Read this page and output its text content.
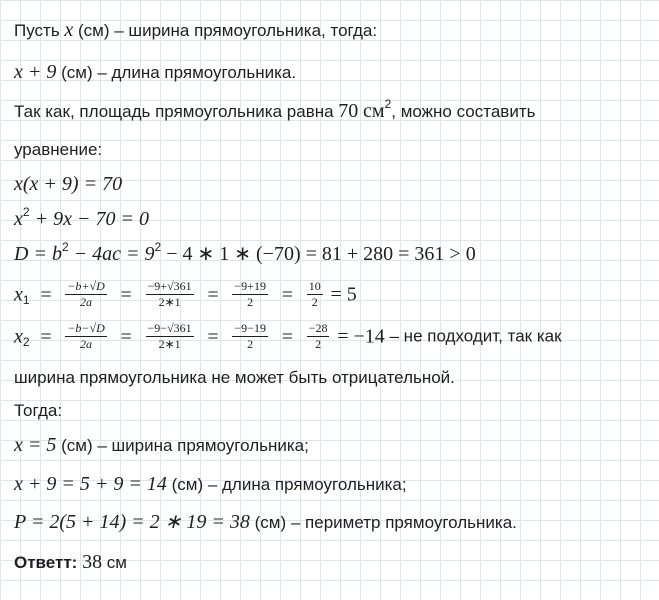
Пусть x (см) – ширина прямоугольника, тогда:
x + 9 (см) – длина прямоугольника.
Так как, площадь прямоугольника равна 70 $см^2$, можно составить
уравнение:
x(x + 9) = 70
$x^2 + 9x - 70 = 0$
$D = b^2 - 4ac = 9^2 - 4$ ∗ 1 ∗ (−70) = 81 + 280 = 361 > 0
$x_1 = \frac{-b+√D}{2a} = \frac{-9+√361}{2∗1} = \frac{-9+19}{2} = \frac{10}{2} = 5$
$x_2 = \frac{-b-√D}{2a} = \frac{-9-√361}{2∗1} = \frac{-9-19}{2} = \frac{-28}{2} = -14$ – не подходит, так как
ширина прямоугольника не может быть отрицательной.
Тогда:
x = 5 (см) – ширина прямоугольника;
x + 9 = 5 + 9 = 14 (см) – длина прямоугольника;
P = 2(5 + 14) = 2 ∗ 19 = 38 (см) – периметр прямоугольника.
Ответт: 38 см
